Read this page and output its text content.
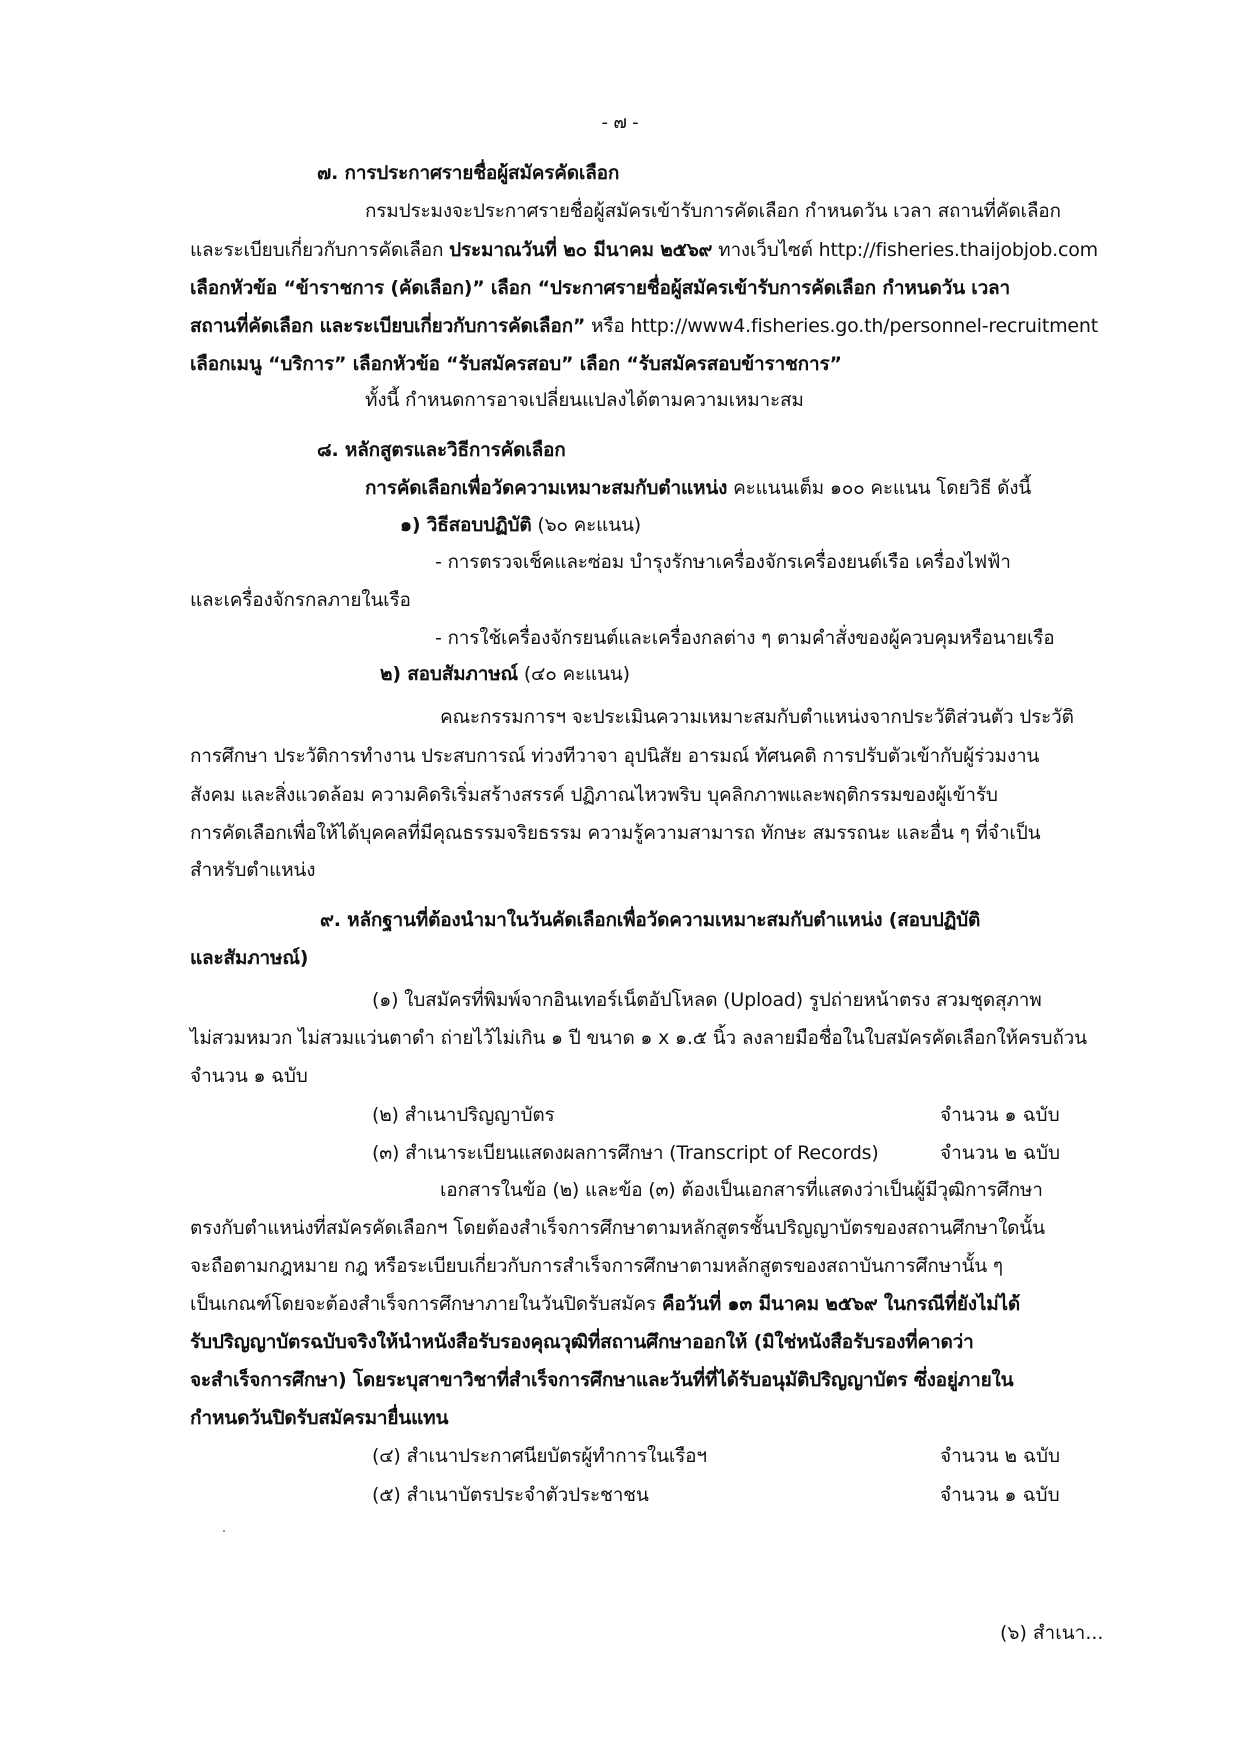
- ๗ -
๗. การประกาศรายชื่อผู้สมัครคัดเลือก
กรมประมงจะประกาศรายชื่อผู้สมัครเข้ารับการคัดเลือก กำหนดวัน เวลา สถานที่คัดเลือก
และระเบียบเกี่ยวกับการคัดเลือก ประมาณวันที่ ๒๐ มีนาคม ๒๕๖๙ ทางเว็บไซต์ http://fisheries.thaijobjob.com
เลือกหัวข้อ “ข้าราชการ (คัดเลือก)” เลือก “ประกาศรายชื่อผู้สมัครเข้ารับการคัดเลือก กำหนดวัน เวลา
สถานที่คัดเลือก และระเบียบเกี่ยวกับการคัดเลือก” หรือ http://www4.fisheries.go.th/personnel-recruitment
เลือกเมนู “บริการ” เลือกหัวข้อ “รับสมัครสอบ” เลือก “รับสมัครสอบข้าราชการ”
ทั้งนี้ กำหนดการอาจเปลี่ยนแปลงได้ตามความเหมาะสม
๘. หลักสูตรและวิธีการคัดเลือก
การคัดเลือกเพื่อวัดความเหมาะสมกับตำแหน่ง คะแนนเต็ม ๑๐๐ คะแนน โดยวิธี ดังนี้
๑) วิธีสอบปฏิบัติ (๖๐ คะแนน)
- การตรวจเช็คและซ่อม บำรุงรักษาเครื่องจักรเครื่องยนต์เรือ เครื่องไฟฟ้า
และเครื่องจักรกลภายในเรือ
- การใช้เครื่องจักรยนต์และเครื่องกลต่าง ๆ ตามคำสั่งของผู้ควบคุมหรือนายเรือ
๒) สอบสัมภาษณ์ (๔๐ คะแนน)
คณะกรรมการฯ จะประเมินความเหมาะสมกับตำแหน่งจากประวัติส่วนตัว ประวัติ
การศึกษา ประวัติการทำงาน ประสบการณ์ ท่วงทีวาจา อุปนิสัย อารมณ์ ทัศนคติ การปรับตัวเข้ากับผู้ร่วมงาน
สังคม และสิ่งแวดล้อม ความคิดริเริ่มสร้างสรรค์ ปฏิภาณไหวพริบ บุคลิกภาพและพฤติกรรมของผู้เข้ารับ
การคัดเลือกเพื่อให้ได้บุคคลที่มีคุณธรรมจริยธรรม ความรู้ความสามารถ ทักษะ สมรรถนะ และอื่น ๆ ที่จำเป็น
สำหรับตำแหน่ง
๙. หลักฐานที่ต้องนำมาในวันคัดเลือกเพื่อวัดความเหมาะสมกับตำแหน่ง (สอบปฏิบัติ
และสัมภาษณ์)
(๑) ใบสมัครที่พิมพ์จากอินเทอร์เน็ตอัปโหลด (Upload) รูปถ่ายหน้าตรง สวมชุดสุภาพ
ไม่สวมหมวก ไม่สวมแว่นตาดำ ถ่ายไว้ไม่เกิน ๑ ปี ขนาด ๑ x ๑.๕ นิ้ว ลงลายมือชื่อในใบสมัครคัดเลือกให้ครบถ้วน
จำนวน ๑ ฉบับ
(๒) สำเนาปริญญาบัตร	จำนวน ๑ ฉบับ
(๓) สำเนาระเบียนแสดงผลการศึกษา (Transcript of Records)	จำนวน ๒ ฉบับ
เอกสารในข้อ (๒) และข้อ (๓) ต้องเป็นเอกสารที่แสดงว่าเป็นผู้มีวุฒิการศึกษา
ตรงกับตำแหน่งที่สมัครคัดเลือกฯ โดยต้องสำเร็จการศึกษาตามหลักสูตรชั้นปริญญาบัตรของสถานศึกษาใดนั้น
จะถือตามกฎหมาย กฎ หรือระเบียบเกี่ยวกับการสำเร็จการศึกษาตามหลักสูตรของสถาบันการศึกษานั้น ๆ
เป็นเกณฑ์โดยจะต้องสำเร็จการศึกษาภายในวันปิดรับสมัคร คือวันที่ ๑๓ มีนาคม ๒๕๖๙ ในกรณีที่ยังไม่ได้
รับปริญญาบัตรฉบับจริงให้นำหนังสือรับรองคุณวุฒิที่สถานศึกษาออกให้ (มิใช่หนังสือรับรองที่คาดว่า
จะสำเร็จการศึกษา) โดยระบุสาขาวิชาที่สำเร็จการศึกษาและวันที่ที่ได้รับอนุมัติปริญญาบัตร ซึ่งอยู่ภายใน
กำหนดวันปิดรับสมัครมายื่นแทน
(๔) สำเนาประกาศนียบัตรผู้ทำการในเรือฯ	จำนวน ๒ ฉบับ
(๕) สำเนาบัตรประจำตัวประชาชน	จำนวน ๑ ฉบับ
(๖) สำเนา...
